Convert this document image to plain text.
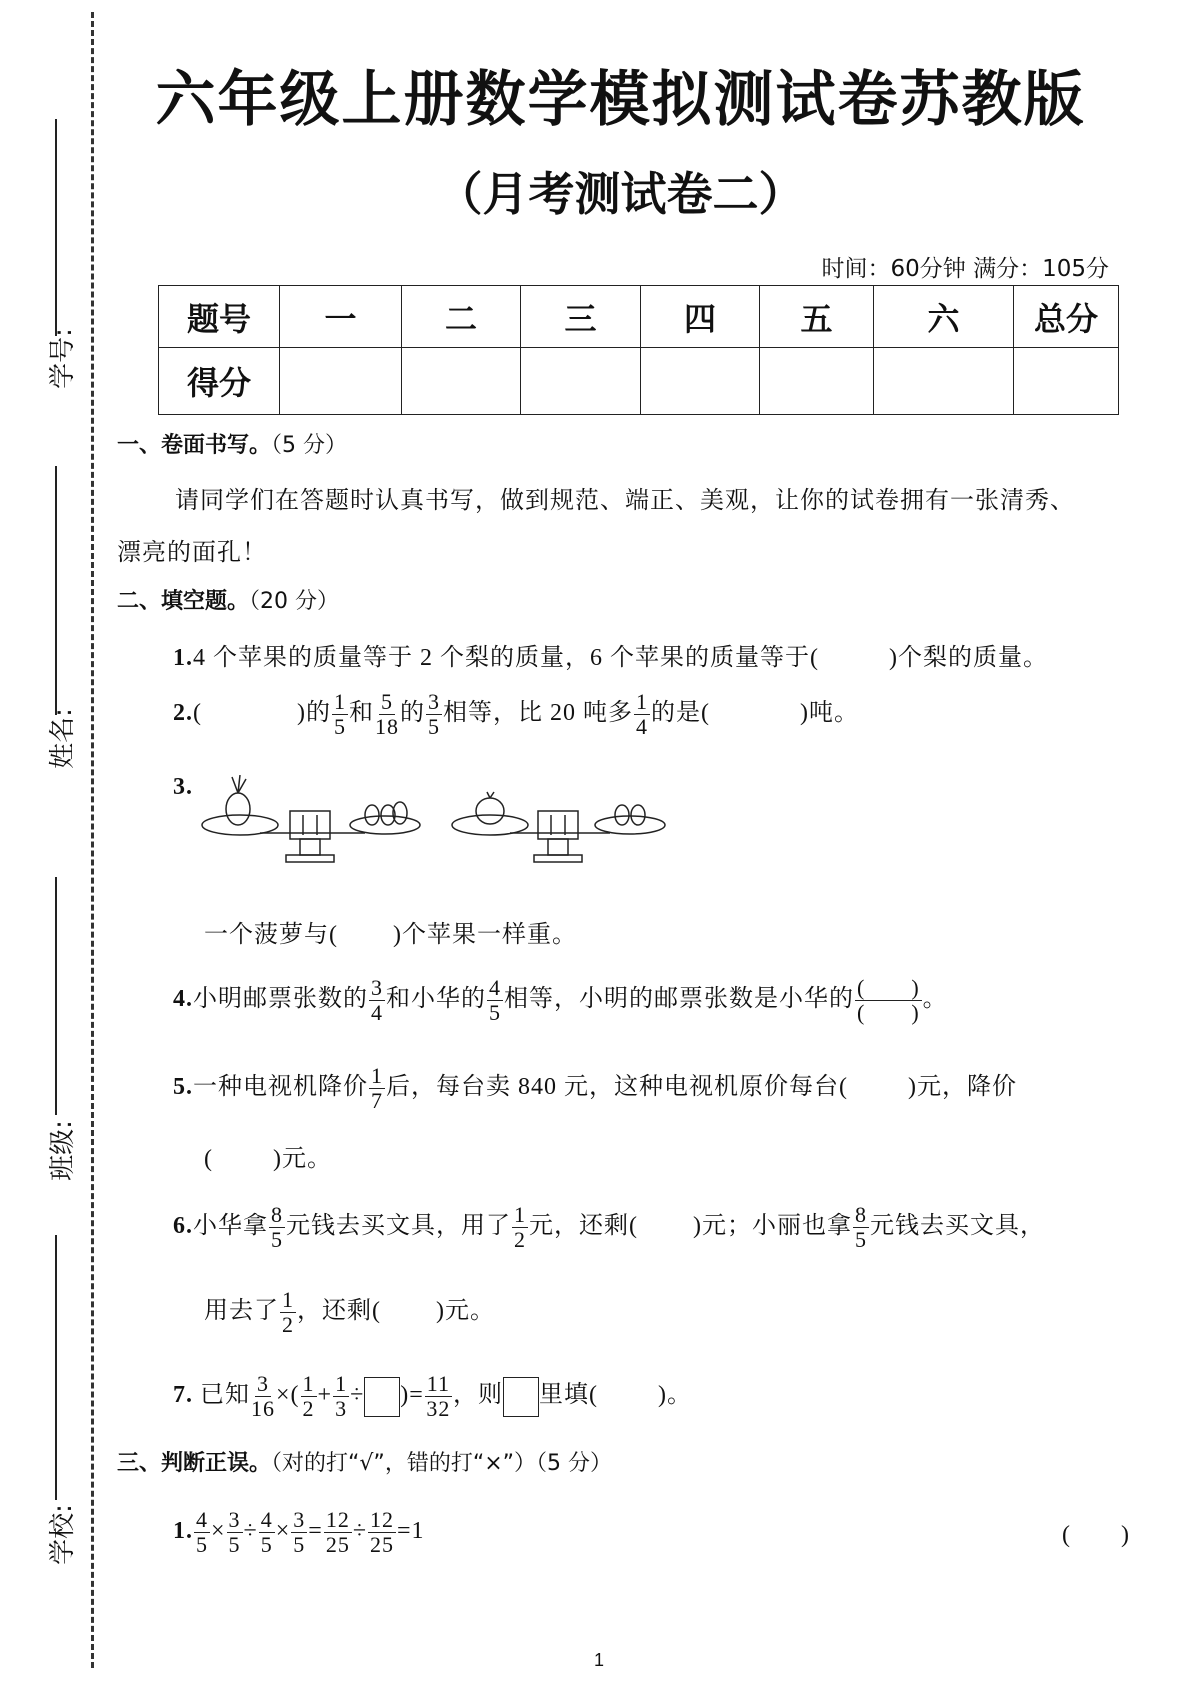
学号:
姓名:
班级:
学校:
六年级上册数学模拟测试卷苏教版
（月考测试卷二）
时间：60分钟 满分：105分
题号	一	二	三	四	五	六	总分
得分							
一、卷面书写。（5 分）
请同学们在答题时认真书写，做到规范、端正、美观，让你的试卷拥有一张清秀、
漂亮的面孔！
二、填空题。（20 分）
1.4 个苹果的质量等于 2 个梨的质量，6 个苹果的质量等于(	)个梨的质量。
2.(	)的 $\frac{1}{5}$ 和 $\frac{5}{18}$ 的 $\frac{3}{5}$ 相等，比 20 吨多 $\frac{1}{4}$ 的是(	)吨。
3.
一个菠萝与( )个苹果一样重。
4.小明邮票张数的 $\frac{3}{4}$ 和小华的 $\frac{4}{5}$ 相等，小明的邮票张数是小华的 $\frac{( )}{( )}$ 。
5.一种电视机降价 $\frac{1}{7}$ 后，每台卖 840 元，这种电视机原价每台(	)元，降价
(	)元。
6.小华拿 $\frac{8}{5}$ 元钱去买文具，用了 $\frac{1}{2}$ 元，还剩( )元；小丽也拿 $\frac{8}{5}$ 元钱去买文具，
用去了 $\frac{1}{2}$ ，还剩( )元。
7. 已知 $\frac{3}{16}$ ×( $\frac{1}{2} + \frac{1}{3}$ ÷ )= $\frac{11}{32}$ ，则 里填(	)。
三、判断正误。（对的打“√”，错的打“×”）（5 分）
1. $\frac{4}{5} \times \frac{3}{5} \div \frac{4}{5} \times \frac{3}{5} = \frac{12}{25} \div \frac{12}{25} =1$	(　　)
1
